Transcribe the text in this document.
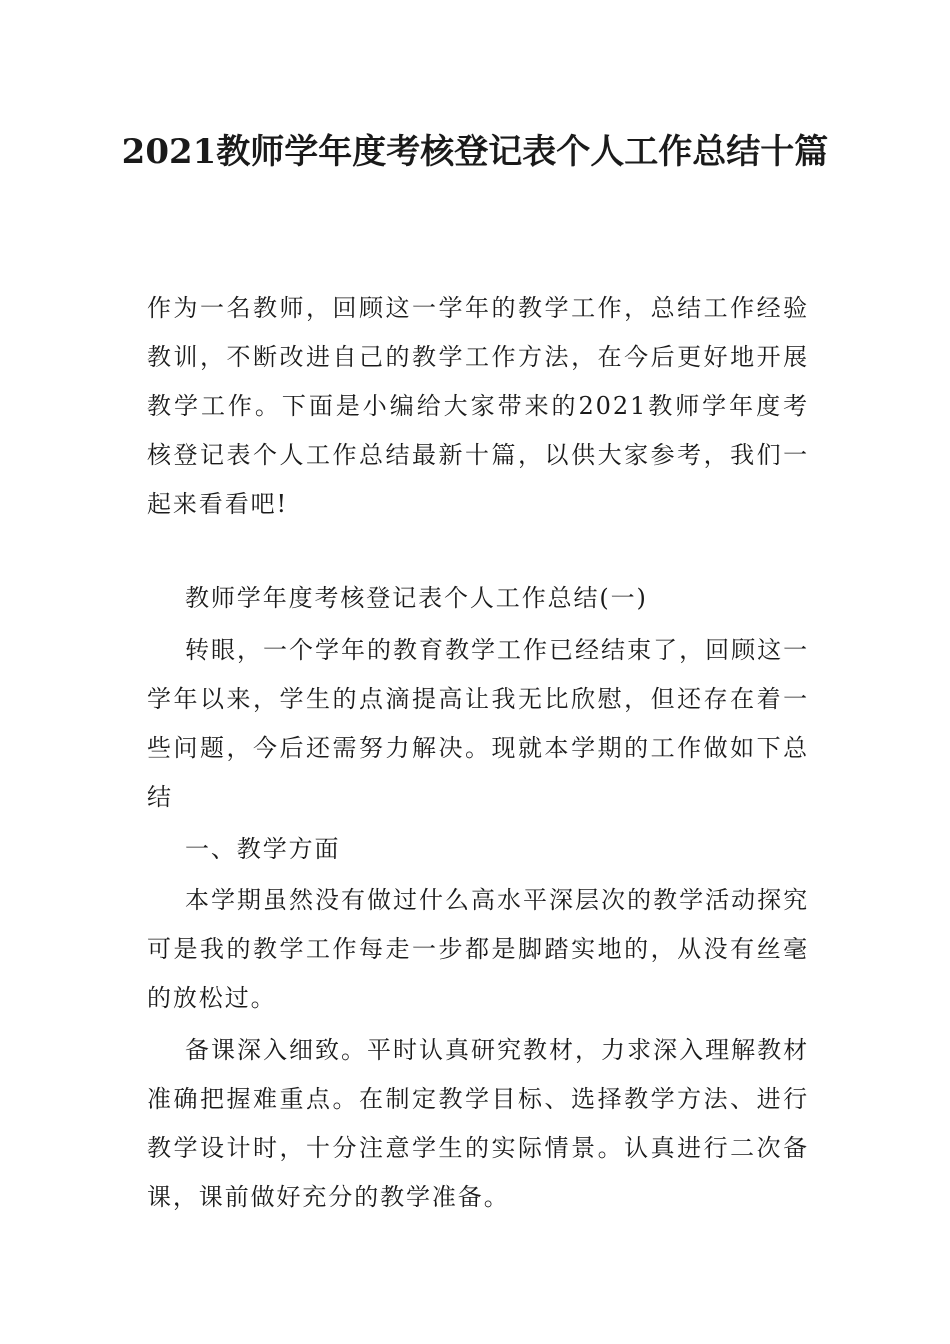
2021教师学年度考核登记表个人工作总结十篇

作为一名教师，回顾这一学年的教学工作，总结工作经验教训，不断改进自己的教学工作方法，在今后更好地开展教学工作。下面是小编给大家带来的2021教师学年度考核登记表个人工作总结最新十篇，以供大家参考，我们一起来看看吧!

教师学年度考核登记表个人工作总结(一)

转眼，一个学年的教育教学工作已经结束了，回顾这一学年以来，学生的点滴提高让我无比欣慰，但还存在着一些问题，今后还需努力解决。现就本学期的工作做如下总结

一、教学方面

本学期虽然没有做过什么高水平深层次的教学活动探究可是我的教学工作每走一步都是脚踏实地的，从没有丝毫的放松过。

备课深入细致。平时认真研究教材，力求深入理解教材准确把握难重点。在制定教学目标、选择教学方法、进行教学设计时，十分注意学生的实际情景。认真进行二次备课，课前做好充分的教学准备。
